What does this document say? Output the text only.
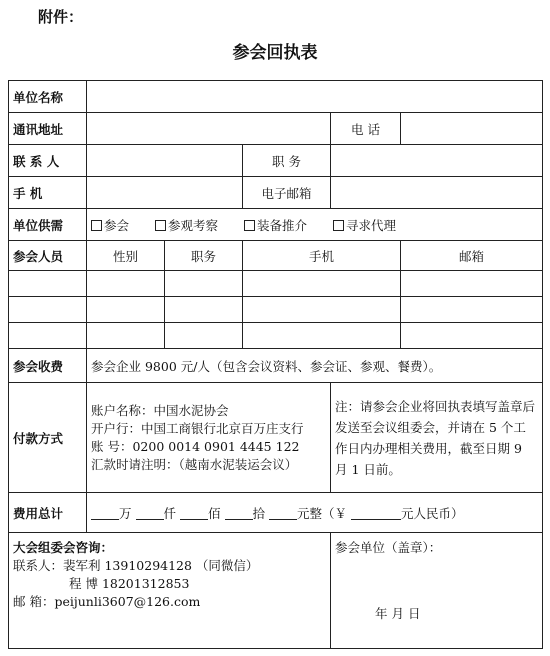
附件：
参会回执表
单位名称					
通讯地址				电 话	
联 系 人			职 务		
手 机			电子邮箱		
单位供需	参会 参观考察 装备推介 寻求代理				
参会人员	性别	职务	手机		邮箱

参会收费	参会企业 9800 元/人（包含会议资料、参会证、参观、餐费）。				
付款方式	账户名称：中国水泥协会
开户行：中国工商银行北京百万庄支行
账 号：0200 0014 0901 4445 122
汇款时请注明：（越南水泥装运会议）			注：请参会企业将回执表填写盖章后发送至会议组委会，并请在 5 个工作日内办理相关费用，截至日期 9 月 1 日前。	
费用总计	万 仟 佰 拾 元整（￥ 元人民币）				

大会组委会咨询：
联系人：裴军利 13910294128 （同微信）
程 博 18201312853
邮 箱：peijunli3607@126.com				参会单位（盖章）：
年 月 日	
